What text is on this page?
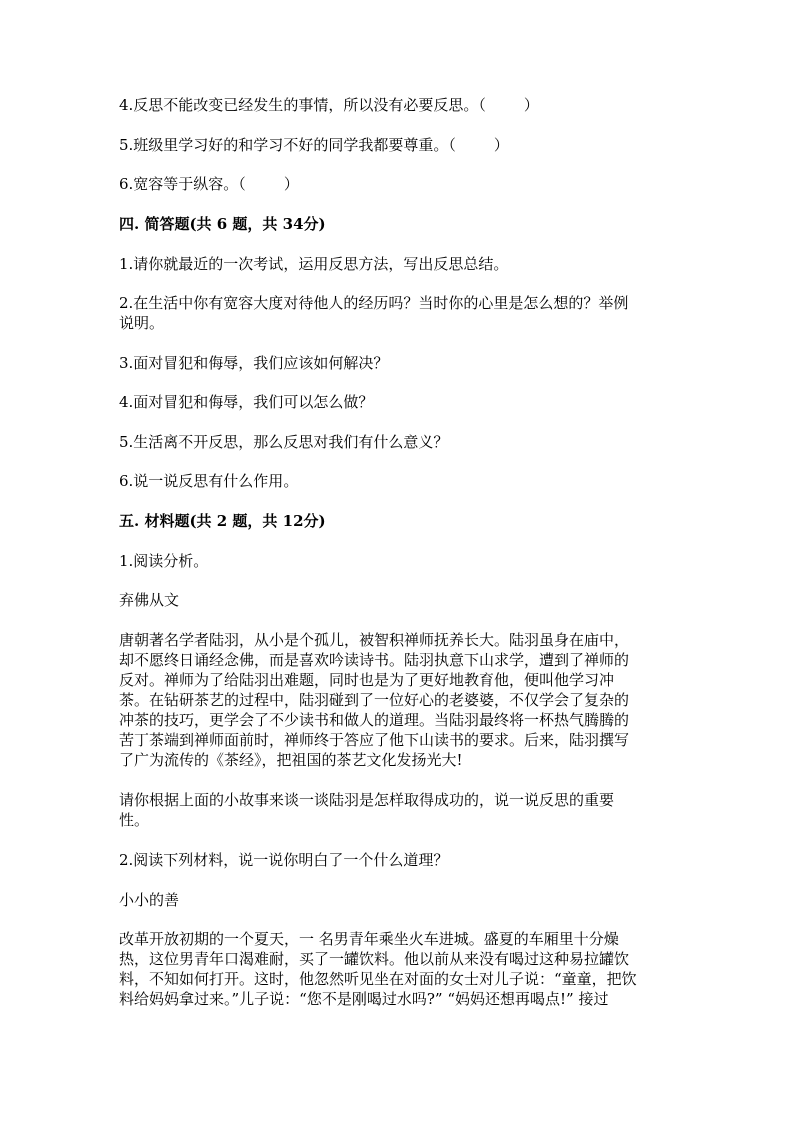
4.反思不能改变已经发生的事情，所以没有必要反思。（	）
5.班级里学习好的和学习不好的同学我都要尊重。（	）
6.宽容等于纵容。（	）
四. 简答题(共 6 题，共 34分)
1.请你就最近的一次考试，运用反思方法，写出反思总结。
2.在生活中你有宽容大度对待他人的经历吗？当时你的心里是怎么想的？举例
说明。
3.面对冒犯和侮辱，我们应该如何解决？
4.面对冒犯和侮辱，我们可以怎么做？
5.生活离不开反思，那么反思对我们有什么意义？
6.说一说反思有什么作用。
五. 材料题(共 2 题，共 12分)
1.阅读分析。
弃佛从文
唐朝著名学者陆羽，从小是个孤儿，被智积禅师抚养长大。陆羽虽身在庙中，
却不愿终日诵经念佛，而是喜欢吟读诗书。陆羽执意下山求学，遭到了禅师的
反对。禅师为了给陆羽出难题，同时也是为了更好地教育他，便叫他学习冲
茶。在钻研茶艺的过程中，陆羽碰到了一位好心的老婆婆，不仅学会了复杂的
冲茶的技巧，更学会了不少读书和做人的道理。当陆羽最终将一杯热气腾腾的
苦丁茶端到禅师面前时，禅师终于答应了他下山读书的要求。后来，陆羽撰写
了广为流传的《茶经》，把祖国的茶艺文化发扬光大!
请你根据上面的小故事来谈一谈陆羽是怎样取得成功的，说一说反思的重要
性。
2.阅读下列材料，说一说你明白了一个什么道理？
小小的善
改革开放初期的一个夏天，一 名男青年乘坐火车进城。盛夏的车厢里十分燥
热，这位男青年口渴难耐，买了一罐饮料。他以前从来没有喝过这种易拉罐饮
料，不知如何打开。这时，他忽然听见坐在对面的女士对儿子说：“童童，把饮
料给妈妈拿过来。”儿子说：“您不是刚喝过水吗?” “妈妈还想再喝点!” 接过
